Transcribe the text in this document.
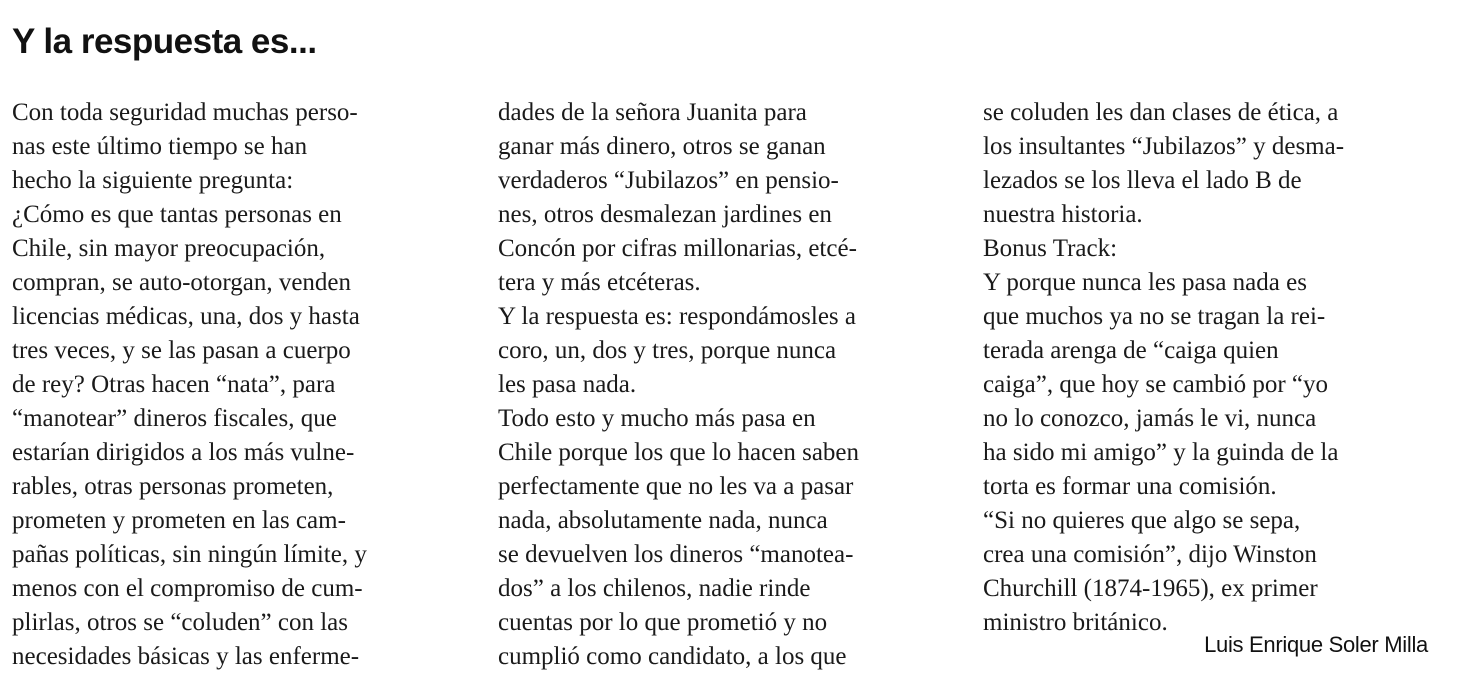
Y la respuesta es...
Con toda seguridad muchas perso-
nas este último tiempo se han
hecho la siguiente pregunta:
¿Cómo es que tantas personas en
Chile, sin mayor preocupación,
compran, se auto-otorgan, venden
licencias médicas, una, dos y hasta
tres veces, y se las pasan a cuerpo
de rey? Otras hacen “nata”, para
“manotear” dineros fiscales, que
estarían dirigidos a los más vulne-
rables, otras personas prometen,
prometen y prometen en las cam-
pañas políticas, sin ningún límite, y
menos con el compromiso de cum-
plirlas, otros se “coluden” con las
necesidades básicas y las enferme-
dades de la señora Juanita para
ganar más dinero, otros se ganan
verdaderos “Jubilazos” en pensio-
nes, otros desmalezan jardines en
Concón por cifras millonarias, etcé-
tera y más etcéteras.
Y la respuesta es: respondámosles a
coro, un, dos y tres, porque nunca
les pasa nada.
Todo esto y mucho más pasa en
Chile porque los que lo hacen saben
perfectamente que no les va a pasar
nada, absolutamente nada, nunca
se devuelven los dineros “manotea-
dos” a los chilenos, nadie rinde
cuentas por lo que prometió y no
cumplió como candidato, a los que
se coluden les dan clases de ética, a
los insultantes “Jubilazos” y desma-
lezados se los lleva el lado B de
nuestra historia.
Bonus Track:
Y porque nunca les pasa nada es
que muchos ya no se tragan la rei-
terada arenga de “caiga quien
caiga”, que hoy se cambió por “yo
no lo conozco, jamás le vi, nunca
ha sido mi amigo” y la guinda de la
torta es formar una comisión.
“Si no quieres que algo se sepa,
crea una comisión”, dijo Winston
Churchill (1874-1965), ex primer
ministro británico.
Luis Enrique Soler Milla
